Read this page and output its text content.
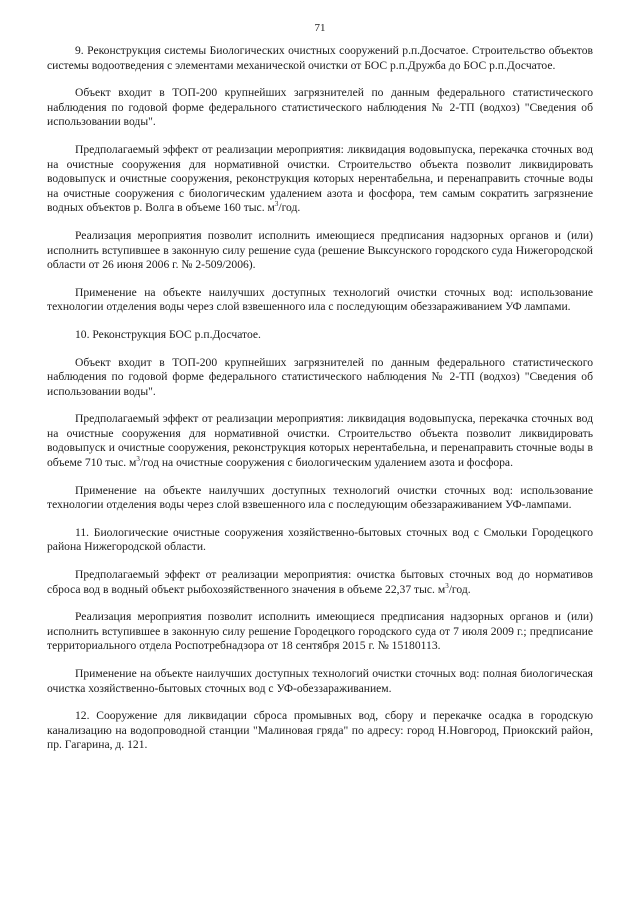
71

9. Реконструкция системы Биологических очистных сооружений р.п.Досчатое. Строительство объектов системы водоотведения с элементами механической очистки от БОС р.п.Дружба до БОС р.п.Досчатое.

Объект входит в ТОП-200 крупнейших загрязнителей по данным федерального статистического наблюдения по годовой форме федерального статистического наблюдения № 2-ТП (водхоз) "Сведения об использовании воды".

Предполагаемый эффект от реализации мероприятия: ликвидация водовыпуска, перекачка сточных вод на очистные сооружения для нормативной очистки. Строительство объекта позволит ликвидировать водовыпуск и очистные сооружения, реконструкция которых нерентабельна, и перенаправить сточные воды на очистные сооружения с биологическим удалением азота и фосфора, тем самым сократить загрязнение водных объектов р. Волга в объеме 160 тыс. $м^3$/год.

Реализация мероприятия позволит исполнить имеющиеся предписания надзорных органов и (или) исполнить вступившее в законную силу решение суда (решение Выксунского городского суда Нижегородской области от 26 июня 2006 г. № 2-509/2006).

Применение на объекте наилучших доступных технологий очистки сточных вод: использование технологии отделения воды через слой взвешенного ила с последующим обеззараживанием УФ лампами.

10. Реконструкция БОС р.п.Досчатое.

Объект входит в ТОП-200 крупнейших загрязнителей по данным федерального статистического наблюдения по годовой форме федерального статистического наблюдения № 2-ТП (водхоз) "Сведения об использовании воды".

Предполагаемый эффект от реализации мероприятия: ликвидация водовыпуска, перекачка сточных вод на очистные сооружения для нормативной очистки. Строительство объекта позволит ликвидировать водовыпуск и очистные сооружения, реконструкция которых нерентабельна, и перенаправить сточные воды в объеме 710 тыс. $м^3$/год на очистные сооружения с биологическим удалением азота и фосфора.

Применение на объекте наилучших доступных технологий очистки сточных вод: использование технологии отделения воды через слой взвешенного ила с последующим обеззараживанием УФ-лампами.

11. Биологические очистные сооружения хозяйственно-бытовых сточных вод с Смольки Городецкого района Нижегородской области.

Предполагаемый эффект от реализации мероприятия: очистка бытовых сточных вод до нормативов сброса вод в водный объект рыбохозяйственного значения в объеме 22,37 тыс. $м^3$/год.

Реализация мероприятия позволит исполнить имеющиеся предписания надзорных органов и (или) исполнить вступившее в законную силу решение Городецкого городского суда от 7 июля 2009 г.; предписание территориального отдела Роспотребнадзора от 18 сентября 2015 г. № 15180113.

Применение на объекте наилучших доступных технологий очистки сточных вод: полная биологическая очистка хозяйственно-бытовых сточных вод с УФ-обеззараживанием.

12. Сооружение для ликвидации сброса промывных вод, сбору и перекачке осадка в городскую канализацию на водопроводной станции "Малиновая гряда" по адресу: город Н.Новгород, Приокский район, пр. Гагарина, д. 121.
